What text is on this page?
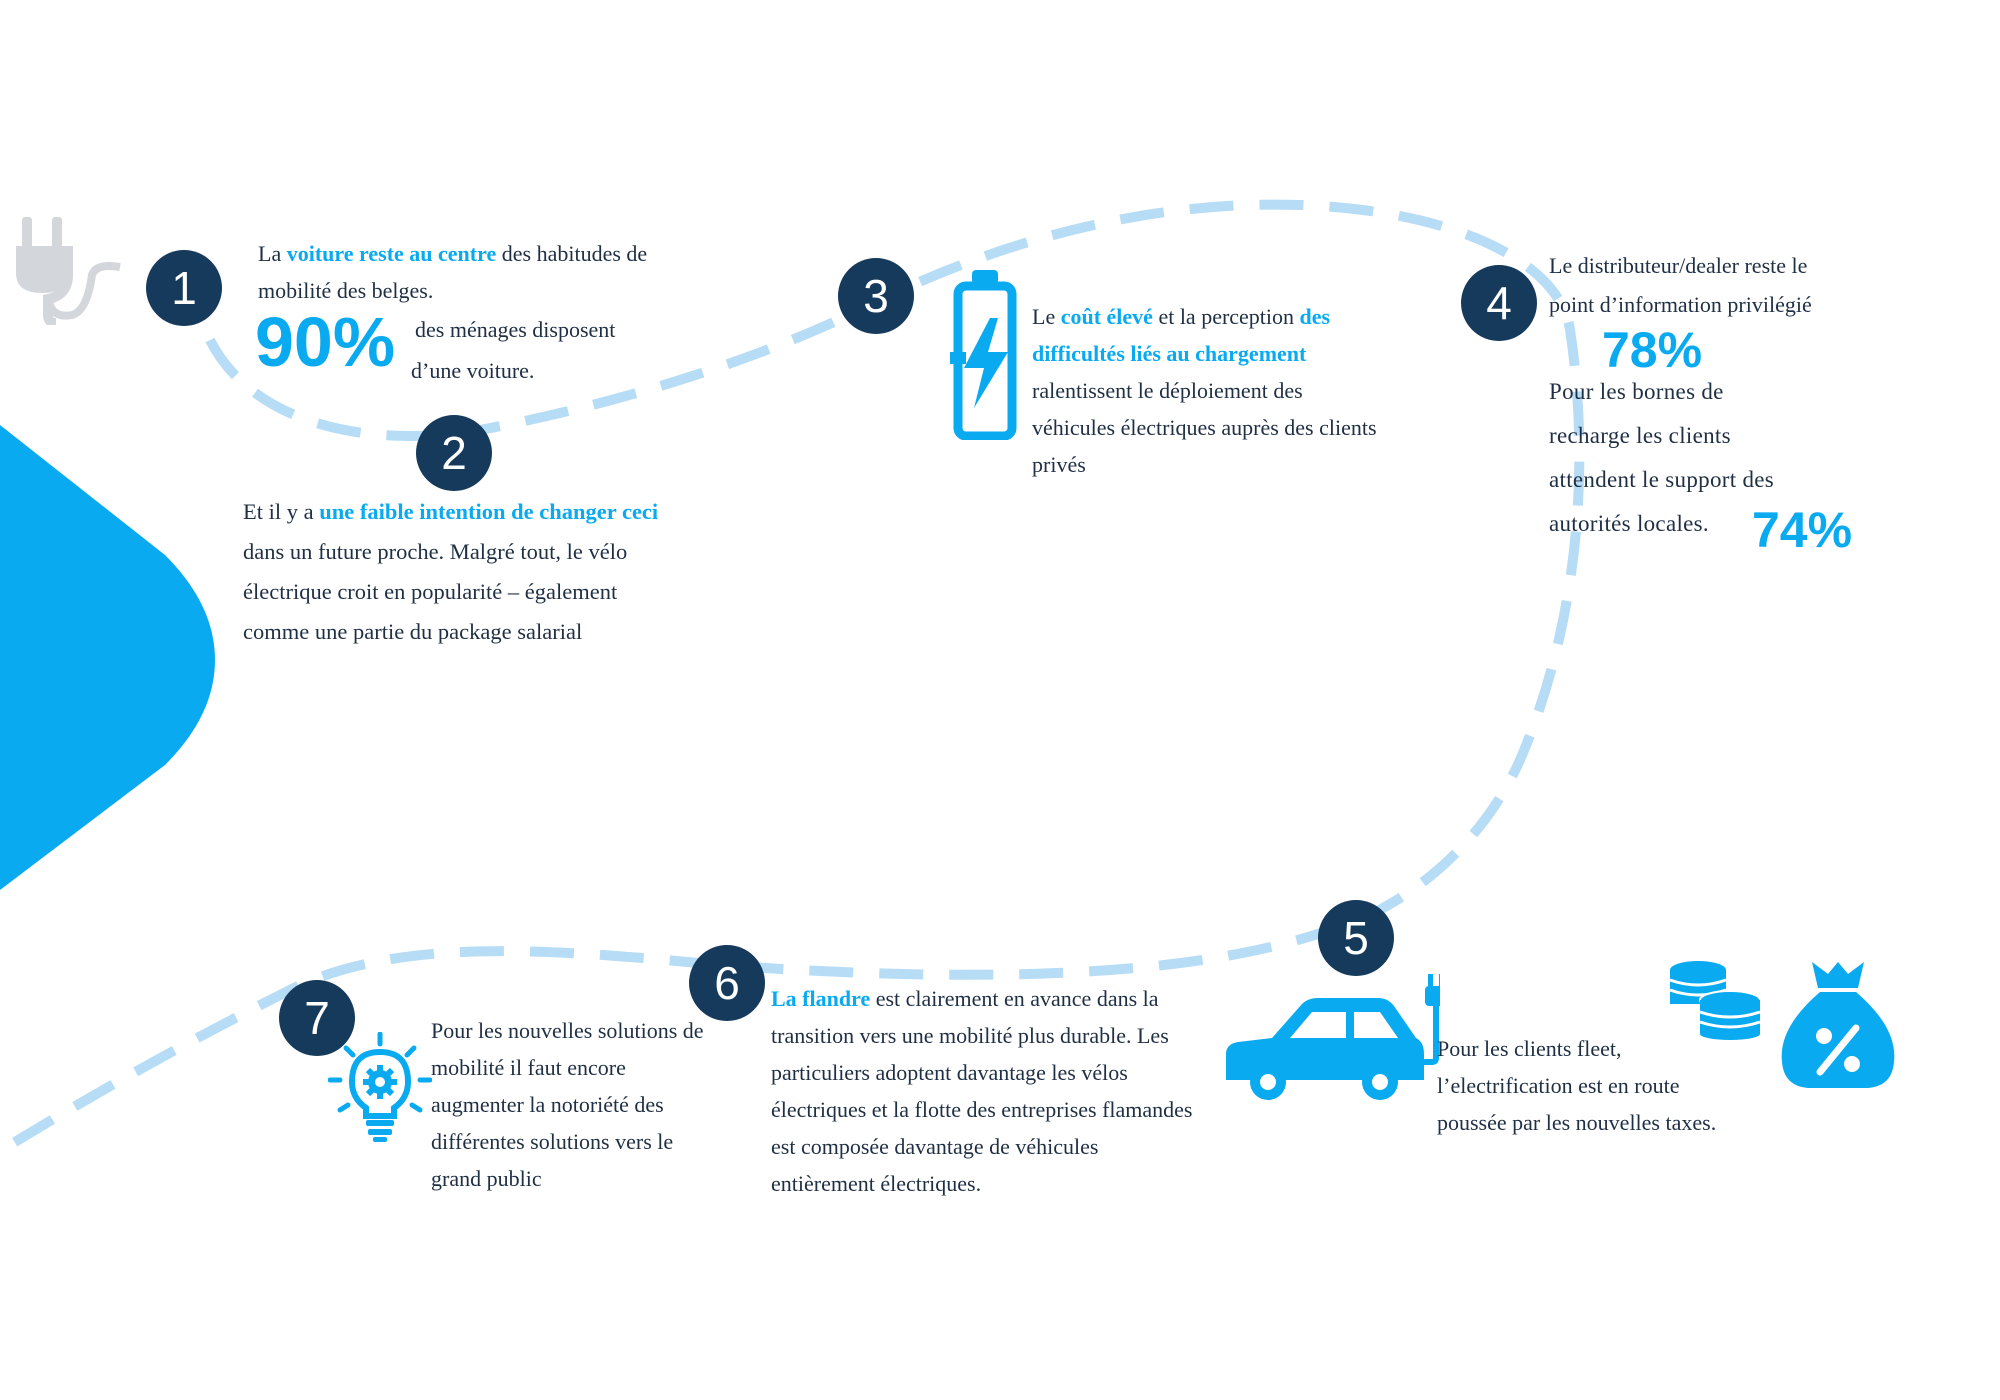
1
2
3	4
5
6
7
La voiture reste au centre des habitudes de
mobilité des belges.
90% des ménages disposent
d’une voiture.
Et il y a une faible intention de changer ceci
dans un future proche. Malgré tout, le vélo
électrique croit en popularité – également
comme une partie du package salarial
Le coût élevé et la perception des
difficultés liés au chargement
ralentissent le déploiement des
véhicules électriques auprès des clients
privés
Le distributeur/dealer reste le
point d’information privilégié
78%
Pour les bornes de
recharge les clients
attendent le support des
autorités locales. 74%
Pour les clients fleet,
l’electrification est en route
poussée par les nouvelles taxes.
La flandre est clairement en avance dans la
transition vers une mobilité plus durable. Les
particuliers adoptent davantage les vélos
électriques et la flotte des entreprises flamandes
est composée davantage de véhicules
entièrement électriques.
Pour les nouvelles solutions de
mobilité il faut encore
augmenter la notoriété des
différentes solutions vers le
grand public
